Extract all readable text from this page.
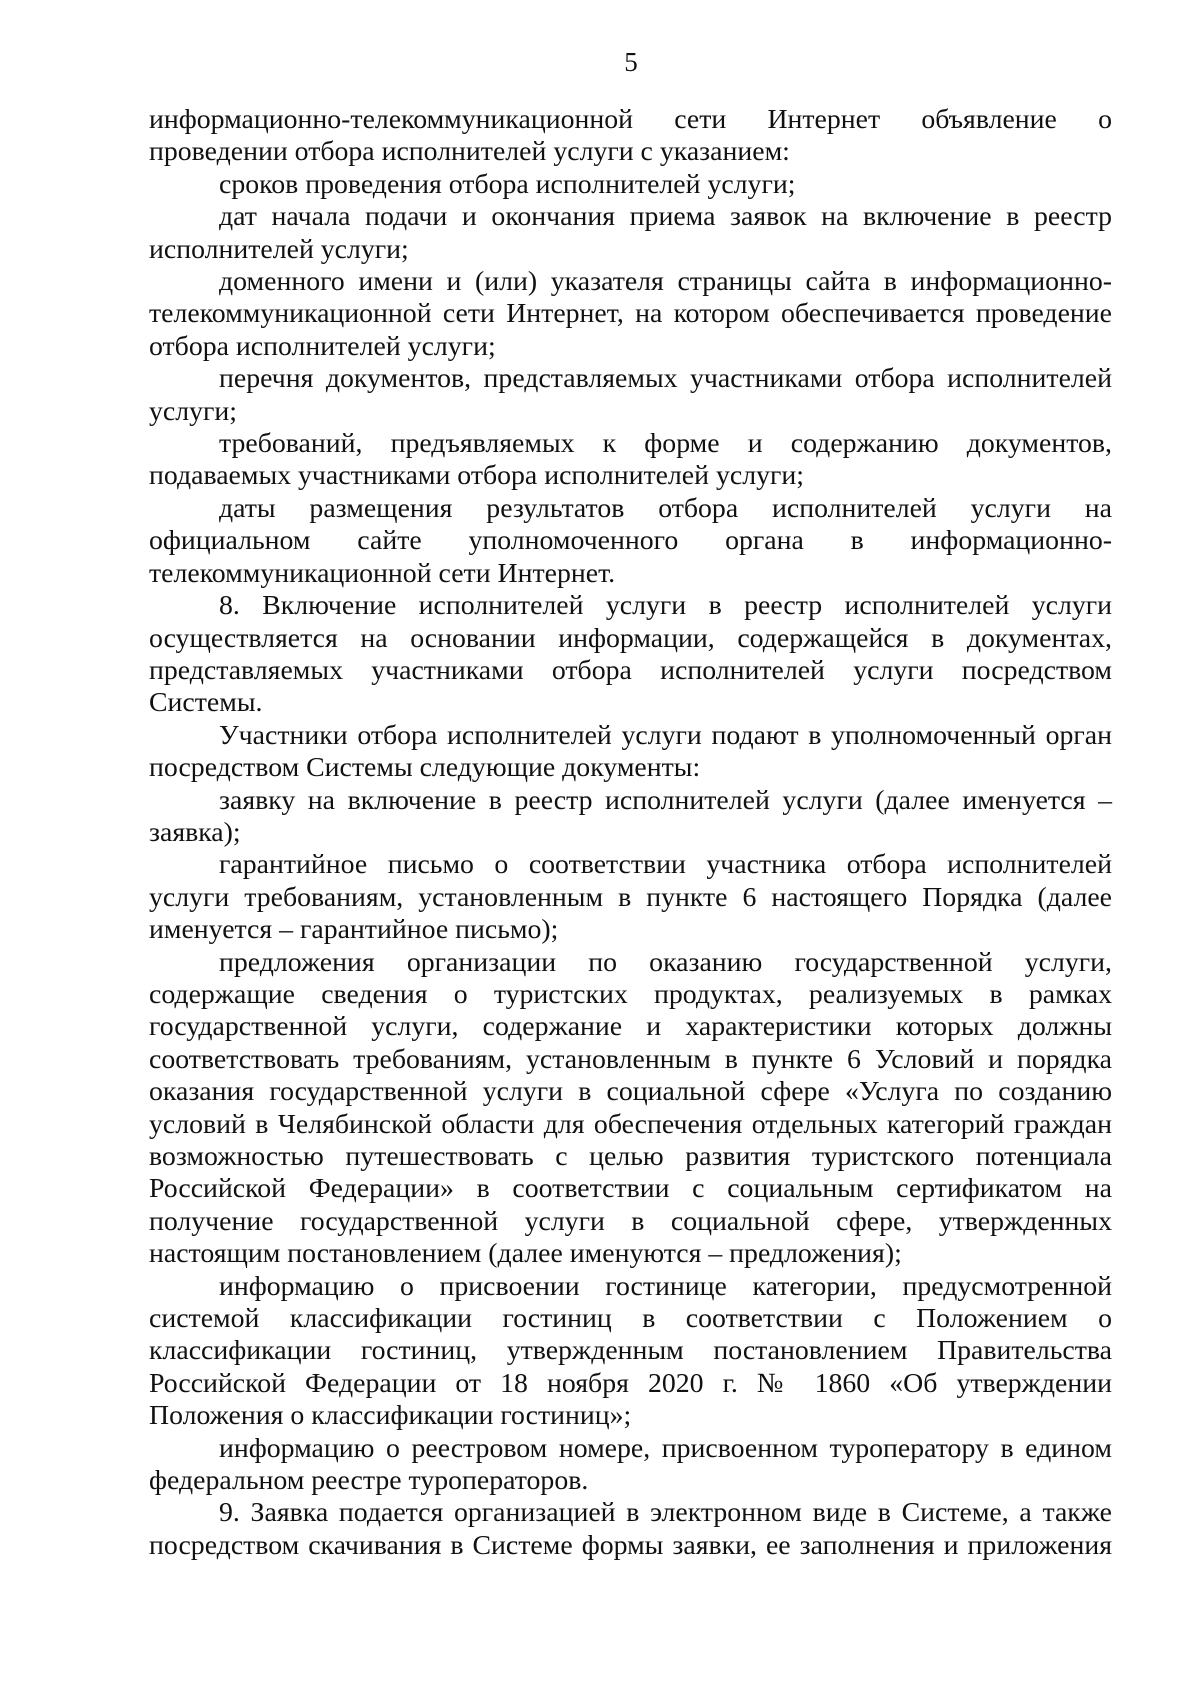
5

информационно-телекоммуникационной сети Интернет объявление о проведении отбора исполнителей услуги с указанием:

сроков проведения отбора исполнителей услуги;

дат начала подачи и окончания приема заявок на включение в реестр исполнителей услуги;

доменного имени и (или) указателя страницы сайта в информационно-телекоммуникационной сети Интернет, на котором обеспечивается проведение отбора исполнителей услуги;

перечня документов, представляемых участниками отбора исполнителей услуги;

требований, предъявляемых к форме и содержанию документов, подаваемых участниками отбора исполнителей услуги;

даты размещения результатов отбора исполнителей услуги на официальном сайте уполномоченного органа в информационно-телекоммуникационной сети Интернет.

8. Включение исполнителей услуги в реестр исполнителей услуги осуществляется на основании информации, содержащейся в документах, представляемых участниками отбора исполнителей услуги посредством Системы.

Участники отбора исполнителей услуги подают в уполномоченный орган посредством Системы следующие документы:

заявку на включение в реестр исполнителей услуги (далее именуется – заявка);

гарантийное письмо о соответствии участника отбора исполнителей услуги требованиям, установленным в пункте 6 настоящего Порядка (далее именуется – гарантийное письмо);

предложения организации по оказанию государственной услуги, содержащие сведения о туристских продуктах, реализуемых в рамках государственной услуги, содержание и характеристики которых должны соответствовать требованиям, установленным в пункте 6 Условий и порядка оказания государственной услуги в социальной сфере «Услуга по созданию условий в Челябинской области для обеспечения отдельных категорий граждан возможностью путешествовать с целью развития туристского потенциала Российской Федерации» в соответствии с социальным сертификатом на получение государственной услуги в социальной сфере, утвержденных настоящим постановлением (далее именуются – предложения);

информацию о присвоении гостинице категории, предусмотренной системой классификации гостиниц в соответствии с Положением о классификации гостиниц, утвержденным постановлением Правительства Российской Федерации от 18 ноября 2020 г. № 1860 «Об утверждении Положения о классификации гостиниц»;

информацию о реестровом номере, присвоенном туроператору в едином федеральном реестре туроператоров.

9. Заявка подается организацией в электронном виде в Системе, а также посредством скачивания в Системе формы заявки, ее заполнения и приложения
